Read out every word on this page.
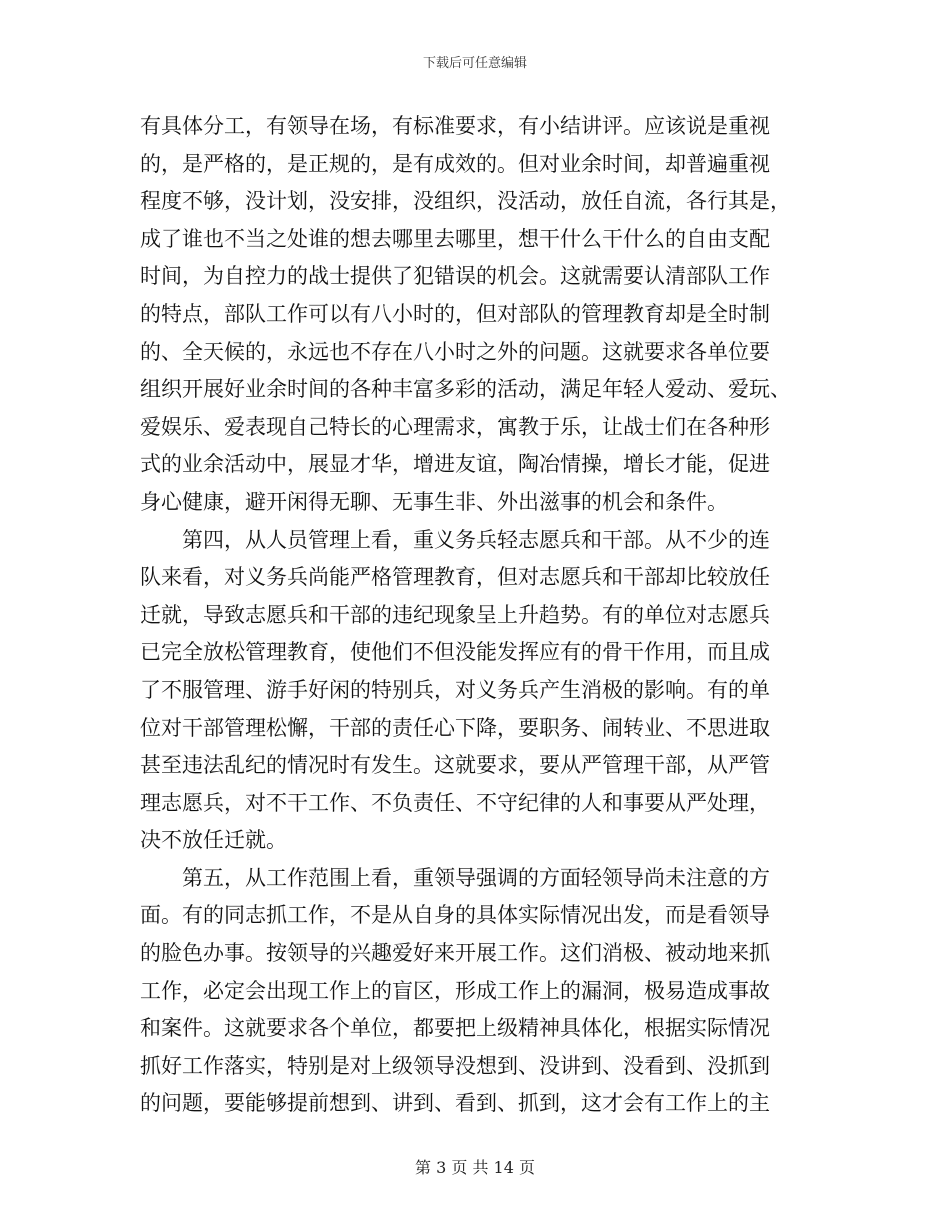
下载后可任意编辑
有具体分工，有领导在场，有标准要求，有小结讲评。应该说是重视
的，是严格的，是正规的，是有成效的。但对业余时间，却普遍重视
程度不够，没计划，没安排，没组织，没活动，放任自流，各行其是，
成了谁也不当之处谁的想去哪里去哪里，想干什么干什么的自由支配
时间，为自控力的战士提供了犯错误的机会。这就需要认清部队工作
的特点，部队工作可以有八小时的，但对部队的管理教育却是全时制
的、全天候的，永远也不存在八小时之外的问题。这就要求各单位要
组织开展好业余时间的各种丰富多彩的活动，满足年轻人爱动、爱玩、
爱娱乐、爱表现自己特长的心理需求，寓教于乐，让战士们在各种形
式的业余活动中，展显才华，增进友谊，陶冶情操，增长才能，促进
身心健康，避开闲得无聊、无事生非、外出滋事的机会和条件。
　　第四，从人员管理上看，重义务兵轻志愿兵和干部。从不少的连
队来看，对义务兵尚能严格管理教育，但对志愿兵和干部却比较放任
迁就，导致志愿兵和干部的违纪现象呈上升趋势。有的单位对志愿兵
已完全放松管理教育，使他们不但没能发挥应有的骨干作用，而且成
了不服管理、游手好闲的特别兵，对义务兵产生消极的影响。有的单
位对干部管理松懈，干部的责任心下降，要职务、闹转业、不思进取
甚至违法乱纪的情况时有发生。这就要求，要从严管理干部，从严管
理志愿兵，对不干工作、不负责任、不守纪律的人和事要从严处理，
决不放任迁就。
　　第五，从工作范围上看，重领导强调的方面轻领导尚未注意的方
面。有的同志抓工作，不是从自身的具体实际情况出发，而是看领导
的脸色办事。按领导的兴趣爱好来开展工作。这们消极、被动地来抓
工作，必定会出现工作上的盲区，形成工作上的漏洞，极易造成事故
和案件。这就要求各个单位，都要把上级精神具体化，根据实际情况
抓好工作落实，特别是对上级领导没想到、没讲到、没看到、没抓到
的问题，要能够提前想到、讲到、看到、抓到，这才会有工作上的主
第 3 页 共 14 页
